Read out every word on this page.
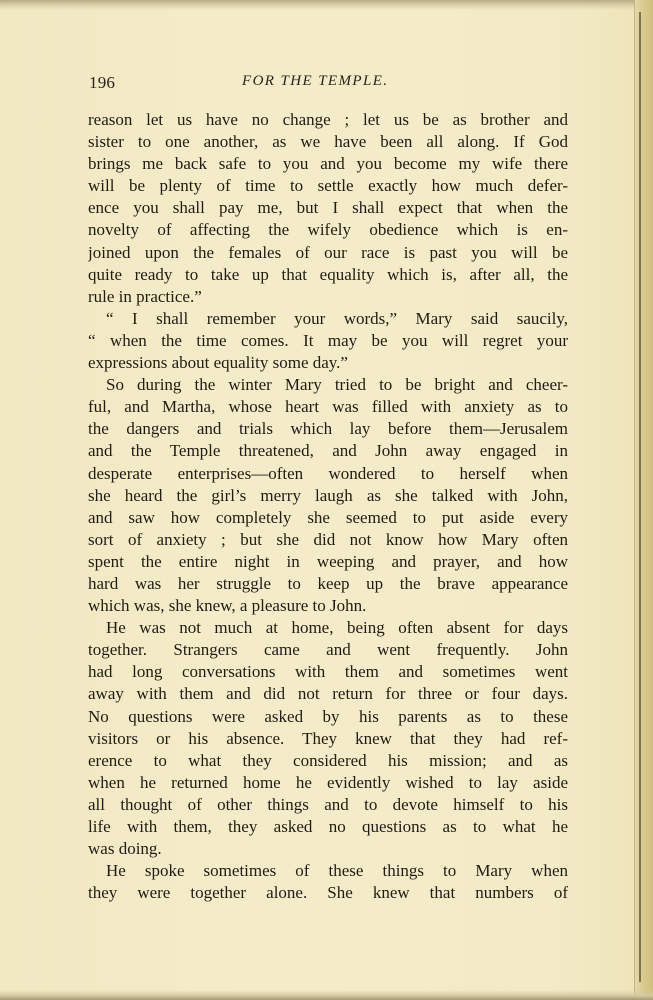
196	FOR THE TEMPLE.
reason let us have no change ; let us be as brother and
sister to one another, as we have been all along. If God
brings me back safe to you and you become my wife there
will be plenty of time to settle exactly how much defer-
ence you shall pay me, but I shall expect that when the
novelty of affecting the wifely obedience which is en-
joined upon the females of our race is past you will be
quite ready to take up that equality which is, after all, the
rule in practice.”
“ I shall remember your words,” Mary said saucily,
“ when the time comes. It may be you will regret your
expressions about equality some day.”
So during the winter Mary tried to be bright and cheer-
ful, and Martha, whose heart was filled with anxiety as to
the dangers and trials which lay before them—Jerusalem
and the Temple threatened, and John away engaged in
desperate enterprises—often wondered to herself when
she heard the girl’s merry laugh as she talked with John,
and saw how completely she seemed to put aside every
sort of anxiety ; but she did not know how Mary often
spent the entire night in weeping and prayer, and how
hard was her struggle to keep up the brave appearance
which was, she knew, a pleasure to John.
He was not much at home, being often absent for days
together. Strangers came and went frequently. John
had long conversations with them and sometimes went
away with them and did not return for three or four days.
No questions were asked by his parents as to these
visitors or his absence. They knew that they had ref-
erence to what they considered his mission; and as
when he returned home he evidently wished to lay aside
all thought of other things and to devote himself to his
life with them, they asked no questions as to what he
was doing.
He spoke sometimes of these things to Mary when
they were together alone. She knew that numbers of
